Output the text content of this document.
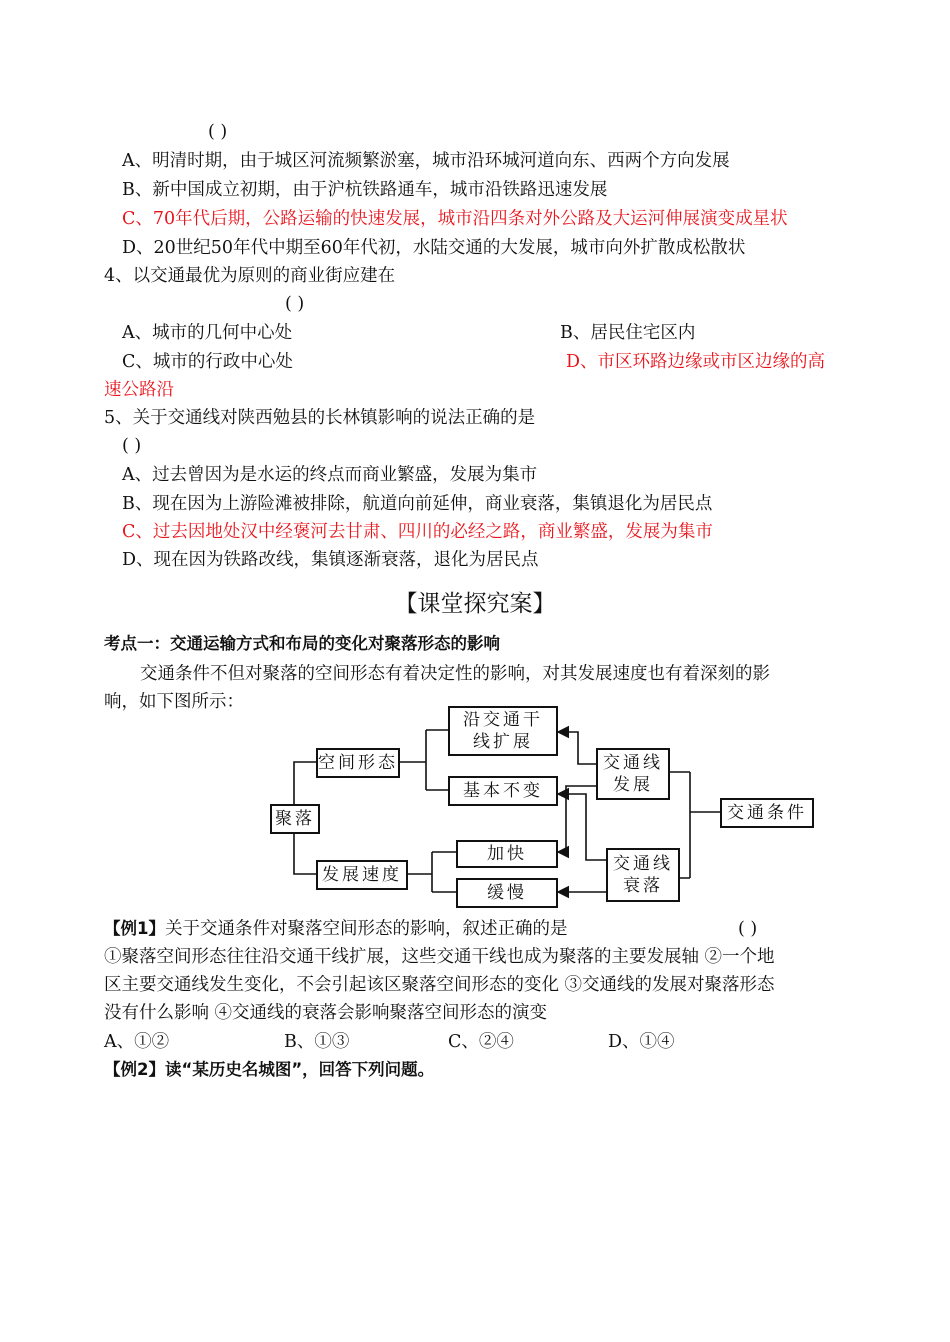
( )
A、明清时期，由于城区河流频繁淤塞，城市沿环城河道向东、西两个方向发展
B、新中国成立初期，由于沪杭铁路通车，城市沿铁路迅速发展
C、70年代后期，公路运输的快速发展，城市沿四条对外公路及大运河伸展演变成星状
D、20世纪50年代中期至60年代初，水陆交通的大发展，城市向外扩散成松散状
4、以交通最优为原则的商业街应建在
( )
A、城市的几何中心处	B、居民住宅区内
C、城市的行政中心处	D、市区环路边缘或市区边缘的高
速公路沿
5、关于交通线对陕西勉县的长林镇影响的说法正确的是
( )
A、过去曾因为是水运的终点而商业繁盛，发展为集市
B、现在因为上游险滩被排除，航道向前延伸，商业衰落，集镇退化为居民点
C、过去因地处汉中经褒河去甘肃、四川的必经之路，商业繁盛，发展为集市
D、现在因为铁路改线，集镇逐渐衰落，退化为居民点
【课堂探究案】
考点一：交通运输方式和布局的变化对聚落形态的影响
交通条件不但对聚落的空间形态有着决定性的影响，对其发展速度也有着深刻的影
响，如下图所示：
聚落
空间形态
发展速度
沿交通干
线扩展
基本不变
加快
缓慢
交通线
发展
交通线
衰落
交通条件
【例1】关于交通条件对聚落空间形态的影响，叙述正确的是	( )
①聚落空间形态往往沿交通干线扩展，这些交通干线也成为聚落的主要发展轴 ②一个地
区主要交通线发生变化，不会引起该区聚落空间形态的变化 ③交通线的发展对聚落形态
没有什么影响 ④交通线的衰落会影响聚落空间形态的演变
A、①②	B、①③	C、②④	D、①④
【例2】读“某历史名城图”，回答下列问题。
